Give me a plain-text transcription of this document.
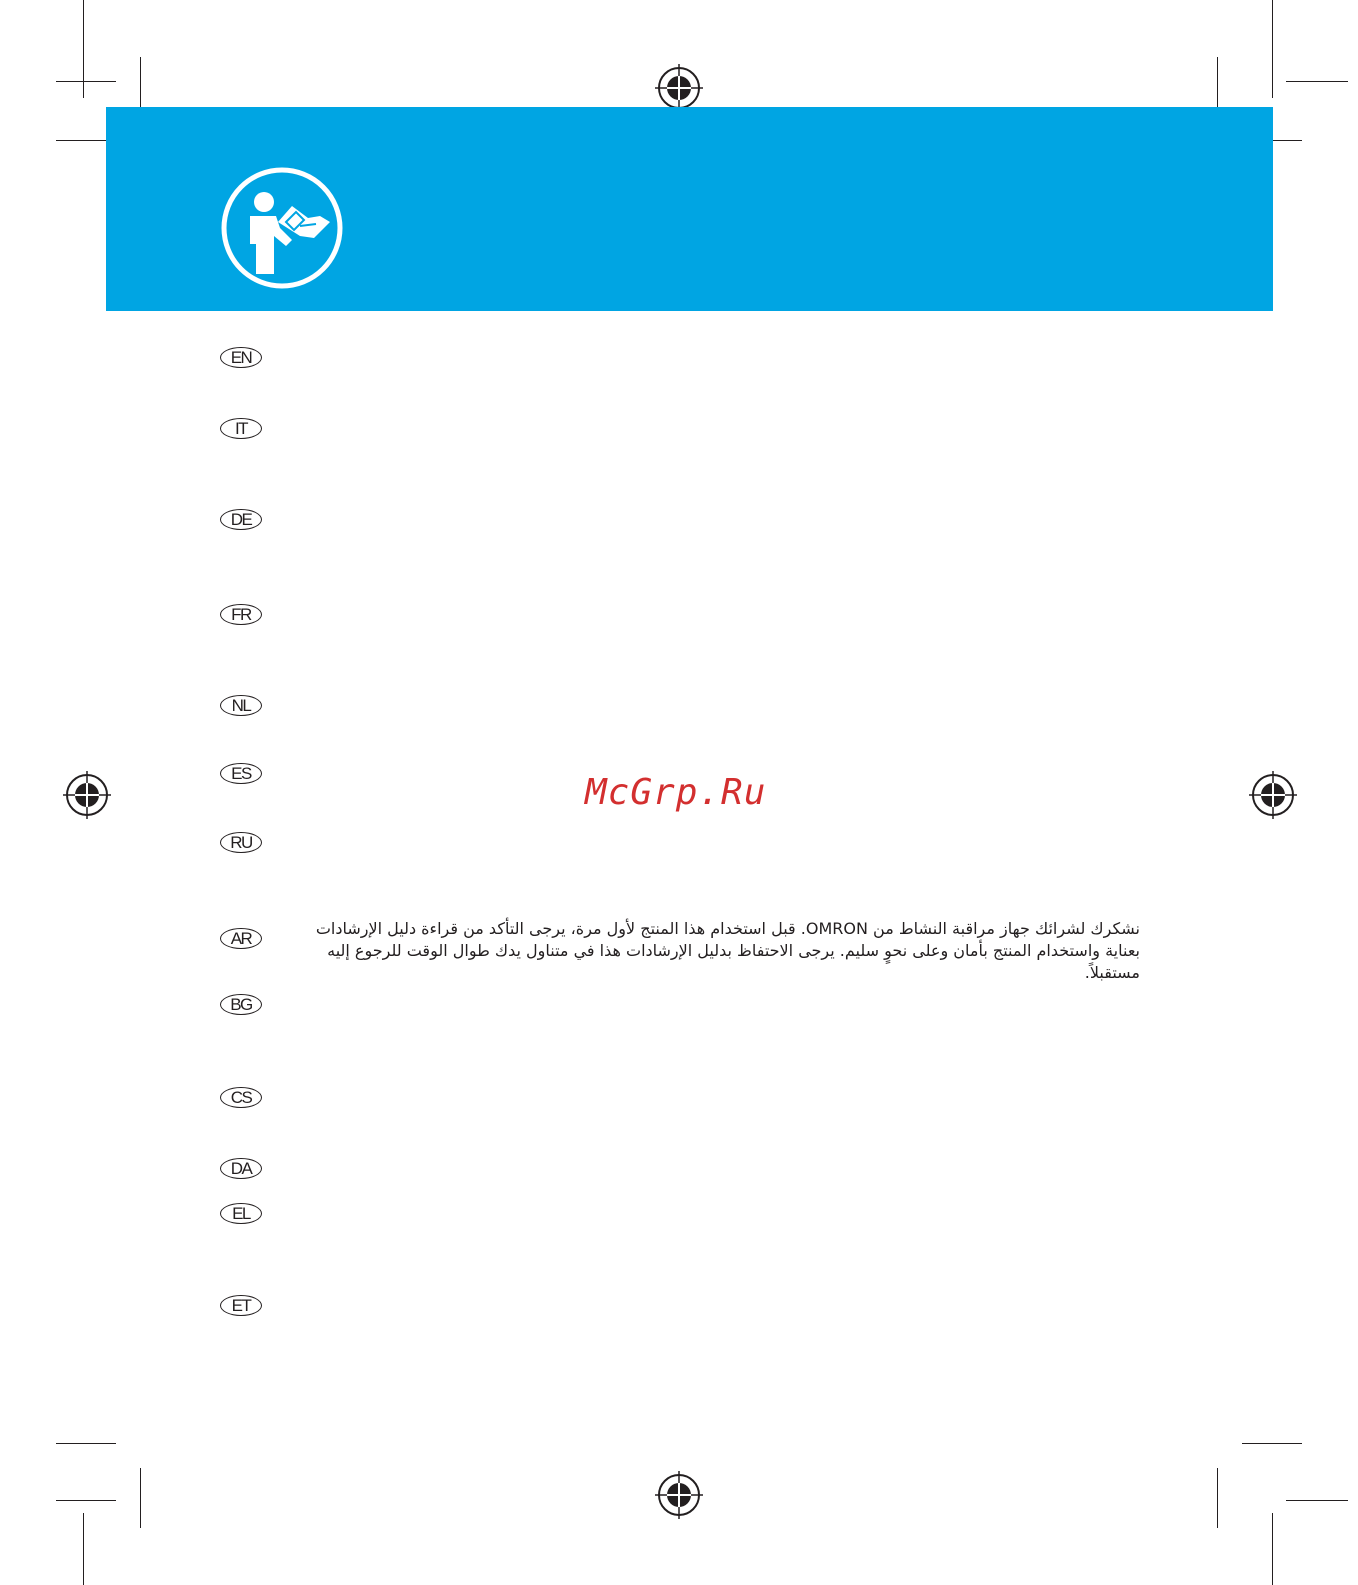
EN
IT
DE
FR
NL
ES
RU
AR
BG
CS
DA
EL
ET

نشكرك لشرائك جهاز مراقبة النشاط من OMRON. قبل استخدام هذا المنتج لأول مرة، يرجى التأكد من قراءة دليل الإرشادات بعناية واستخدام المنتج بأمان وعلى نحوٍ سليم. يرجى الاحتفاظ بدليل الإرشادات هذا في متناول يدك طوال الوقت للرجوع إليه مستقبلاً.

McGrp.Ru
